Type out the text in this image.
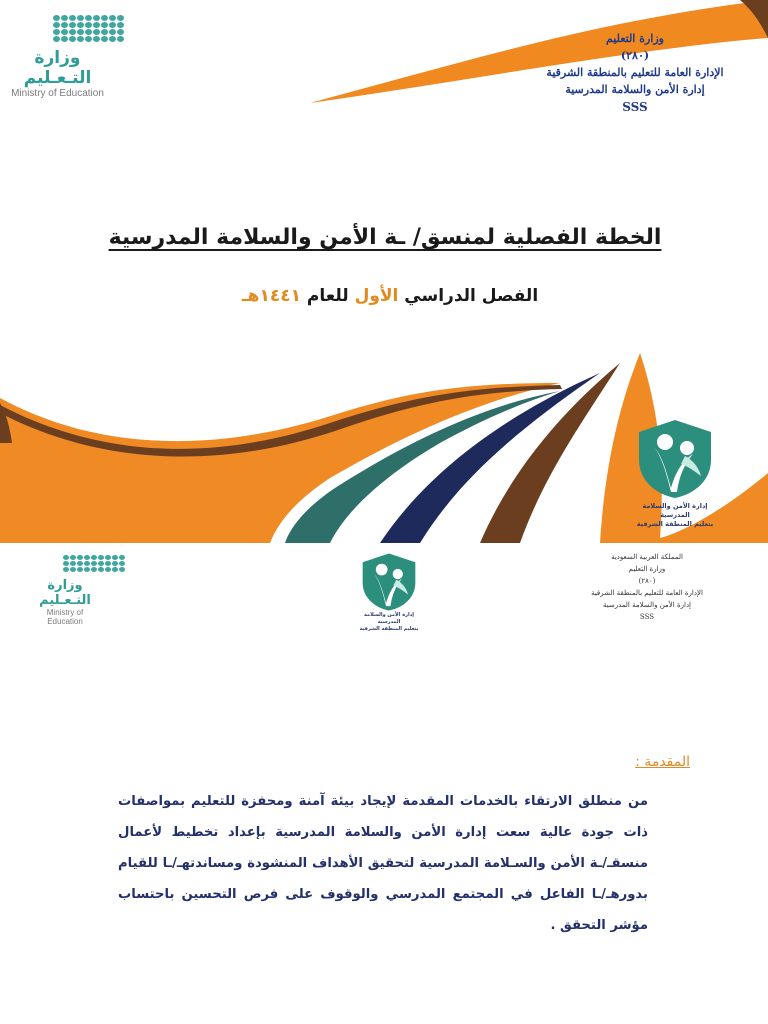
وزارة التـعـليم
Ministry of Education
وزارة التعليم
(٢٨٠)
الإدارة العامة للتعليم بالمنطقة الشرقية
إدارة الأمن والسلامة المدرسية
SSS
الخطة الفصلية لمنسق/ ـة الأمن والسلامة المدرسية
الفصل الدراسي الأول للعام ١٤٤١هـ
إدارة الأمن والسلامة المدرسية
بتعليم المنطقة الشرقية
وزارة التـعـليم
Ministry of Education
إدارة الأمن والسلامة المدرسية
بتعليم المنطقة الشرقية
المملكة العربية السعودية
وزارة التعليم
(٢٨٠)
الإدارة العامة للتعليم بالمنطقة الشرقية
إدارة الأمن والسلامة المدرسية
SSS
المقدمة :
من منطلق الارتقاء بالخدمات المقدمة لإيجاد بيئة آمنة ومحفزة للتعليم بمواصفات ذات جودة عالية سعت إدارة الأمن والسلامة المدرسية بإعداد تخطيط لأعمال منسقـ/ـة الأمن والسـلامة المدرسية لتحقيق الأهداف المنشودة ومساندتهـ/ـا للقيام بدورهـ/ـا الفاعل في المجتمع المدرسي والوقوف على فرص التحسين باحتساب مؤشر التحقق .
